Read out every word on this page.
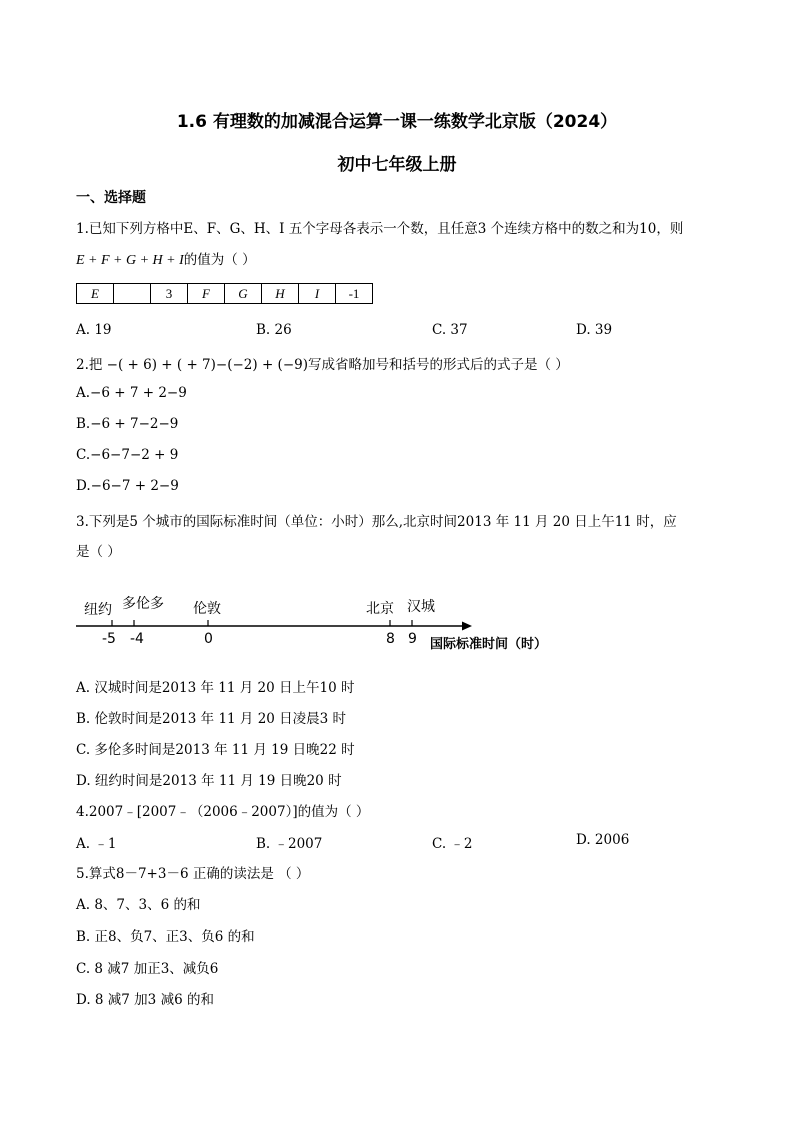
1.6 有理数的加减混合运算一课一练数学北京版（2024）
初中七年级上册
一、选择题
1.已知下列方格中E、F、G、H、I 五个字母各表示一个数，且任意3 个连续方格中的数之和为10，则
E + F + G + H + I的值为（ ）
E		3	F	G	H	I	-1
A. 19	B. 26	C. 37	D. 39
2.把 −( + 6) + ( + 7)−(−2) + (−9)写成省略加号和括号的形式后的式子是（ ）
A.−6 + 7 + 2−9
B.−6 + 7−2−9
C.−6−7−2 + 9
D.−6−7 + 2−9
3.下列是5 个城市的国际标准时间（单位：小时）那么,北京时间2013 年 11 月 20 日上午11 时，应
是（ ）
纽约 多伦多 伦敦	北京 汉城
-5 -4	0	8 9 国际标准时间（时）
A. 汉城时间是2013 年 11 月 20 日上午10 时
B. 伦敦时间是2013 年 11 月 20 日凌晨3 时
C. 多伦多时间是2013 年 11 月 19 日晚22 时
D. 纽约时间是2013 年 11 月 19 日晚20 时
4.2007﹣[2007﹣（2006﹣2007）]的值为（ ）
A. ﹣1	B. ﹣2007	C. ﹣2	D. 2006
5.算式8－7+3－6 正确的读法是 （ ）
A. 8、7、3、6 的和
B. 正8、负7、正3、负6 的和
C. 8 减7 加正3、减负6
D. 8 减7 加3 减6 的和
